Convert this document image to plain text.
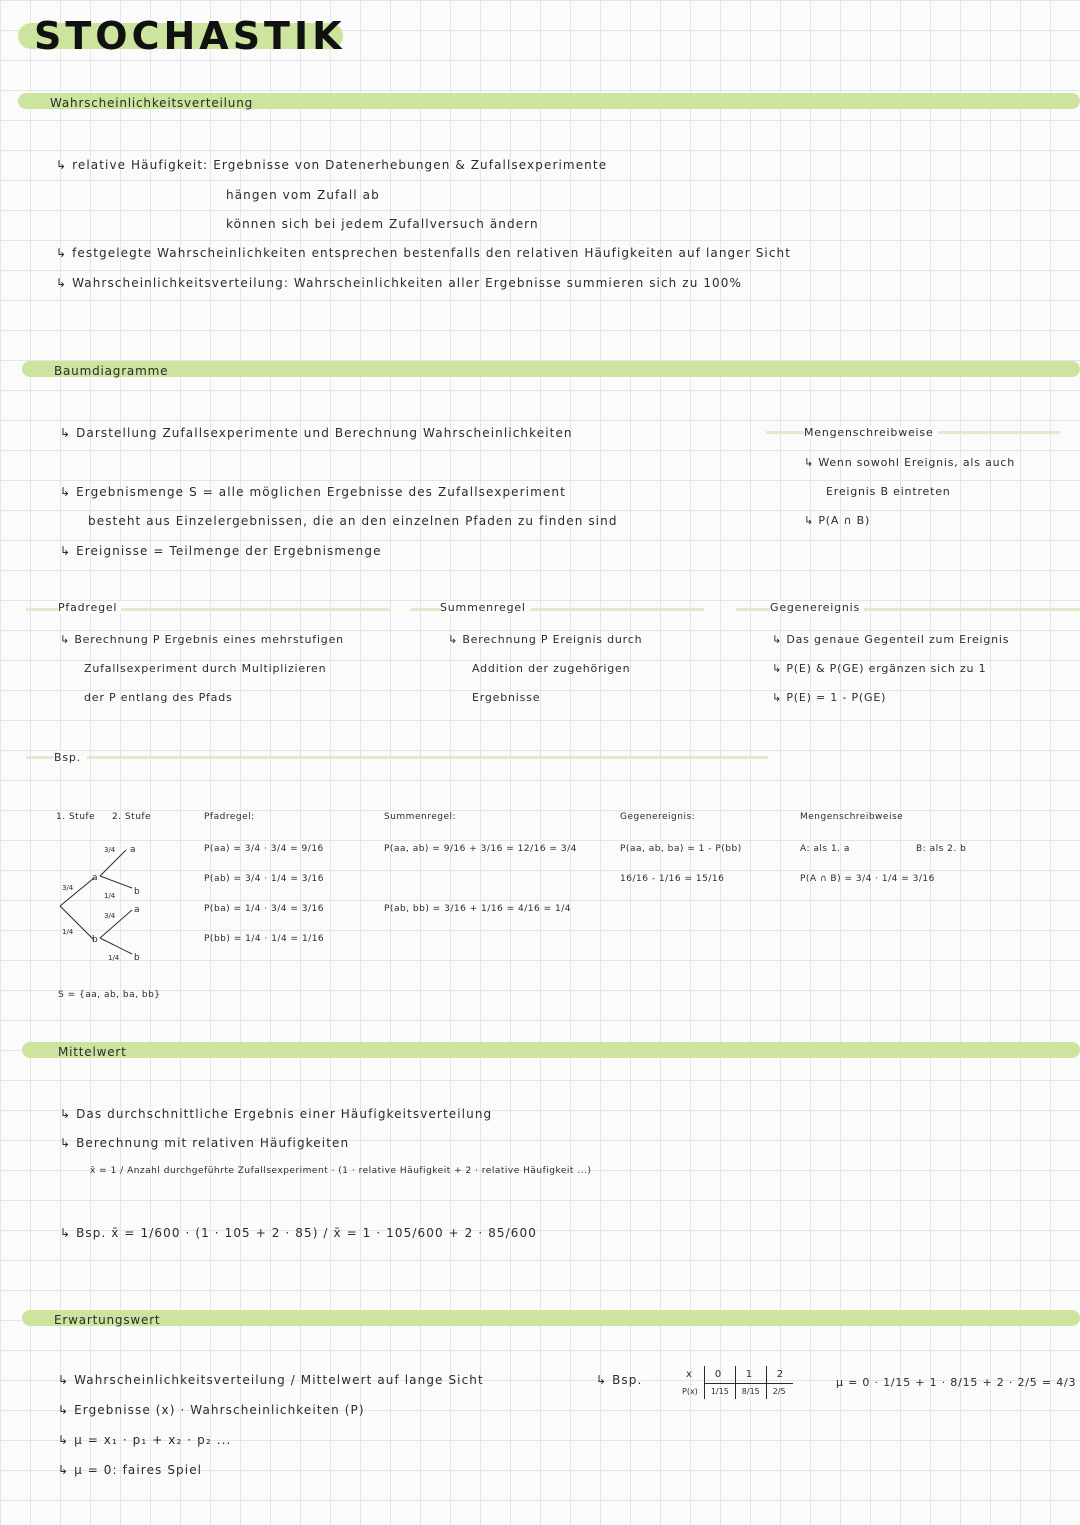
STOCHASTIK
Wahrscheinlichkeitsverteilung
↳ relative Häufigkeit: Ergebnisse von Datenerhebungen & Zufallsexperimente
hängen vom Zufall ab
können sich bei jedem Zufallversuch ändern
↳ festgelegte Wahrscheinlichkeiten entsprechen bestenfalls den relativen Häufigkeiten auf langer Sicht
↳ Wahrscheinlichkeitsverteilung: Wahrscheinlichkeiten aller Ergebnisse summieren sich zu 100%
Baumdiagramme
↳ Darstellung Zufallsexperimente und Berechnung Wahrscheinlichkeiten
↳ Ergebnismenge S = alle möglichen Ergebnisse des Zufallsexperiment
besteht aus Einzelergebnissen, die an den einzelnen Pfaden zu finden sind
↳ Ereignisse = Teilmenge der Ergebnismenge
Mengenschreibweise
↳ Wenn sowohl Ereignis, als auch
Ereignis B eintreten
↳ P(A ∩ B)
Pfadregel
↳ Berechnung P Ergebnis eines mehrstufigen
Zufallsexperiment durch Multiplizieren
der P entlang des Pfads
Summenregel
↳ Berechnung P Ereignis durch
Addition der zugehörigen
Ergebnisse
Gegenereignis
↳ Das genaue Gegenteil zum Ereignis
↳ P(E) & P(GE) ergänzen sich zu 1
↳ P(E) = 1 - P(GE)
Bsp.
1. Stufe 2. Stufe
a
b
a
b
a
b
3/4
1/4
3/4
1/4
3/4
1/4
S = {aa, ab, ba, bb}
Pfadregel:
P(aa) = 3/4 · 3/4 = 9/16
P(ab) = 3/4 · 1/4 = 3/16
P(ba) = 1/4 · 3/4 = 3/16
P(bb) = 1/4 · 1/4 = 1/16
Summenregel:
P(aa, ab) = 9/16 + 3/16 = 12/16 = 3/4
P(ab, bb) = 3/16 + 1/16 = 4/16 = 1/4
Gegenereignis:
P(aa, ab, ba) = 1 - P(bb)
16/16 - 1/16 = 15/16
Mengenschreibweise
A: als 1. a	B: als 2. b
P(A ∩ B) = 3/4 · 1/4 = 3/16
Mittelwert
↳ Das durchschnittliche Ergebnis einer Häufigkeitsverteilung
↳ Berechnung mit relativen Häufigkeiten
x̄ = 1 / Anzahl durchgeführte Zufallsexperiment · (1 · relative Häufigkeit + 2 · relative Häufigkeit ...)
↳ Bsp. x̄ = 1/600 · (1 · 105 + 2 · 85) / x̄ = 1 · 105/600 + 2 · 85/600
Erwartungswert
↳ Wahrscheinlichkeitsverteilung / Mittelwert auf lange Sicht
↳ Ergebnisse (x) · Wahrscheinlichkeiten (P)
↳ μ = x₁ · p₁ + x₂ · p₂ ...
↳ μ = 0: faires Spiel
↳ Bsp.	x	0	1	2
P(x)	1/15	8/15	2/5
μ = 0 · 1/15 + 1 · 8/15 + 2 · 2/5 = 4/3
